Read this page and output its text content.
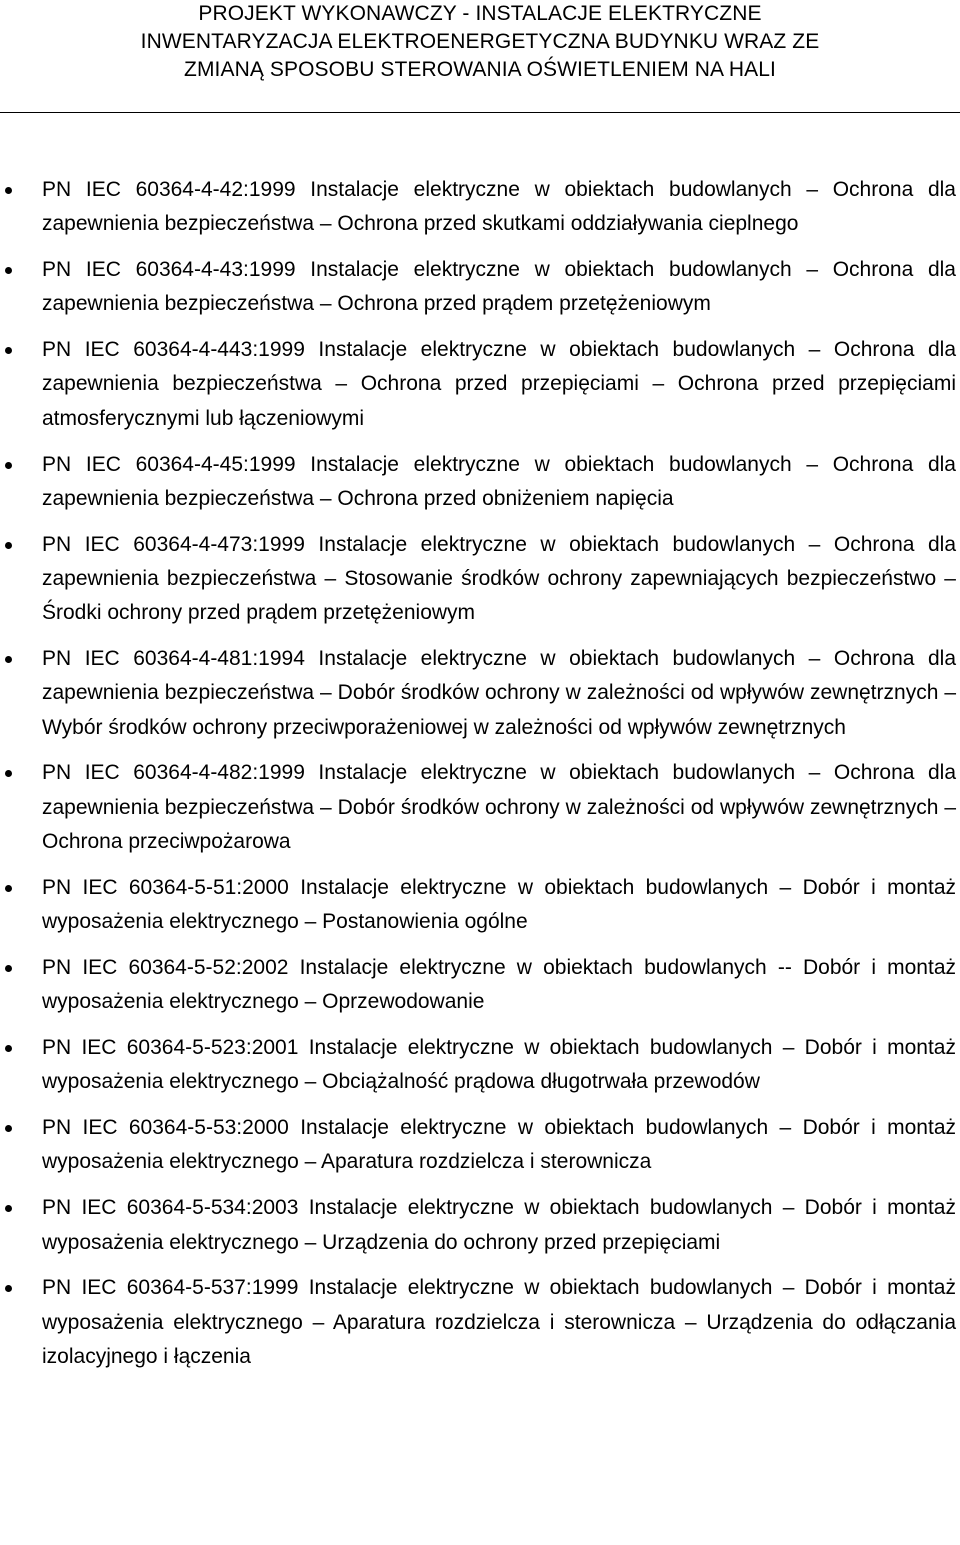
PROJEKT WYKONAWCZY - INSTALACJE ELEKTRYCZNE
INWENTARYZACJA ELEKTROENERGETYCZNA BUDYNKU WRAZ ZE
ZMIANĄ SPOSOBU STEROWANIA OŚWIETLENIEM NA HALI
PN IEC 60364-4-42:1999 Instalacje elektryczne w obiektach budowlanych – Ochrona dla zapewnienia bezpieczeństwa – Ochrona przed skutkami oddziaływania cieplnego
PN IEC 60364-4-43:1999 Instalacje elektryczne w obiektach budowlanych – Ochrona dla zapewnienia bezpieczeństwa – Ochrona przed prądem przetężeniowym
PN IEC 60364-4-443:1999 Instalacje elektryczne w obiektach budowlanych – Ochrona dla zapewnienia bezpieczeństwa – Ochrona przed przepięciami – Ochrona przed przepięciami atmosferycznymi lub łączeniowymi
PN IEC 60364-4-45:1999 Instalacje elektryczne w obiektach budowlanych – Ochrona dla zapewnienia bezpieczeństwa – Ochrona przed obniżeniem napięcia
PN IEC 60364-4-473:1999 Instalacje elektryczne w obiektach budowlanych – Ochrona dla zapewnienia bezpieczeństwa – Stosowanie środków ochrony zapewniających bezpieczeństwo – Środki ochrony przed prądem przetężeniowym
PN IEC 60364-4-481:1994 Instalacje elektryczne w obiektach budowlanych – Ochrona dla zapewnienia bezpieczeństwa – Dobór środków ochrony w zależności od wpływów zewnętrznych – Wybór środków ochrony przeciwporażeniowej w zależności od wpływów zewnętrznych
PN IEC 60364-4-482:1999 Instalacje elektryczne w obiektach budowlanych – Ochrona dla zapewnienia bezpieczeństwa – Dobór środków ochrony w zależności od wpływów zewnętrznych – Ochrona przeciwpożarowa
PN IEC 60364-5-51:2000 Instalacje elektryczne w obiektach budowlanych – Dobór i montaż wyposażenia elektrycznego – Postanowienia ogólne
PN IEC 60364-5-52:2002 Instalacje elektryczne w obiektach budowlanych -- Dobór i montaż wyposażenia elektrycznego – Oprzewodowanie
PN IEC 60364-5-523:2001 Instalacje elektryczne w obiektach budowlanych – Dobór i montaż wyposażenia elektrycznego – Obciążalność prądowa długotrwała przewodów
PN IEC 60364-5-53:2000 Instalacje elektryczne w obiektach budowlanych – Dobór i montaż wyposażenia elektrycznego – Aparatura rozdzielcza i sterownicza
PN IEC 60364-5-534:2003 Instalacje elektryczne w obiektach budowlanych – Dobór i montaż wyposażenia elektrycznego – Urządzenia do ochrony przed przepięciami
PN IEC 60364-5-537:1999 Instalacje elektryczne w obiektach budowlanych – Dobór i montaż wyposażenia elektrycznego – Aparatura rozdzielcza i sterownicza – Urządzenia do odłączania izolacyjnego i łączenia
